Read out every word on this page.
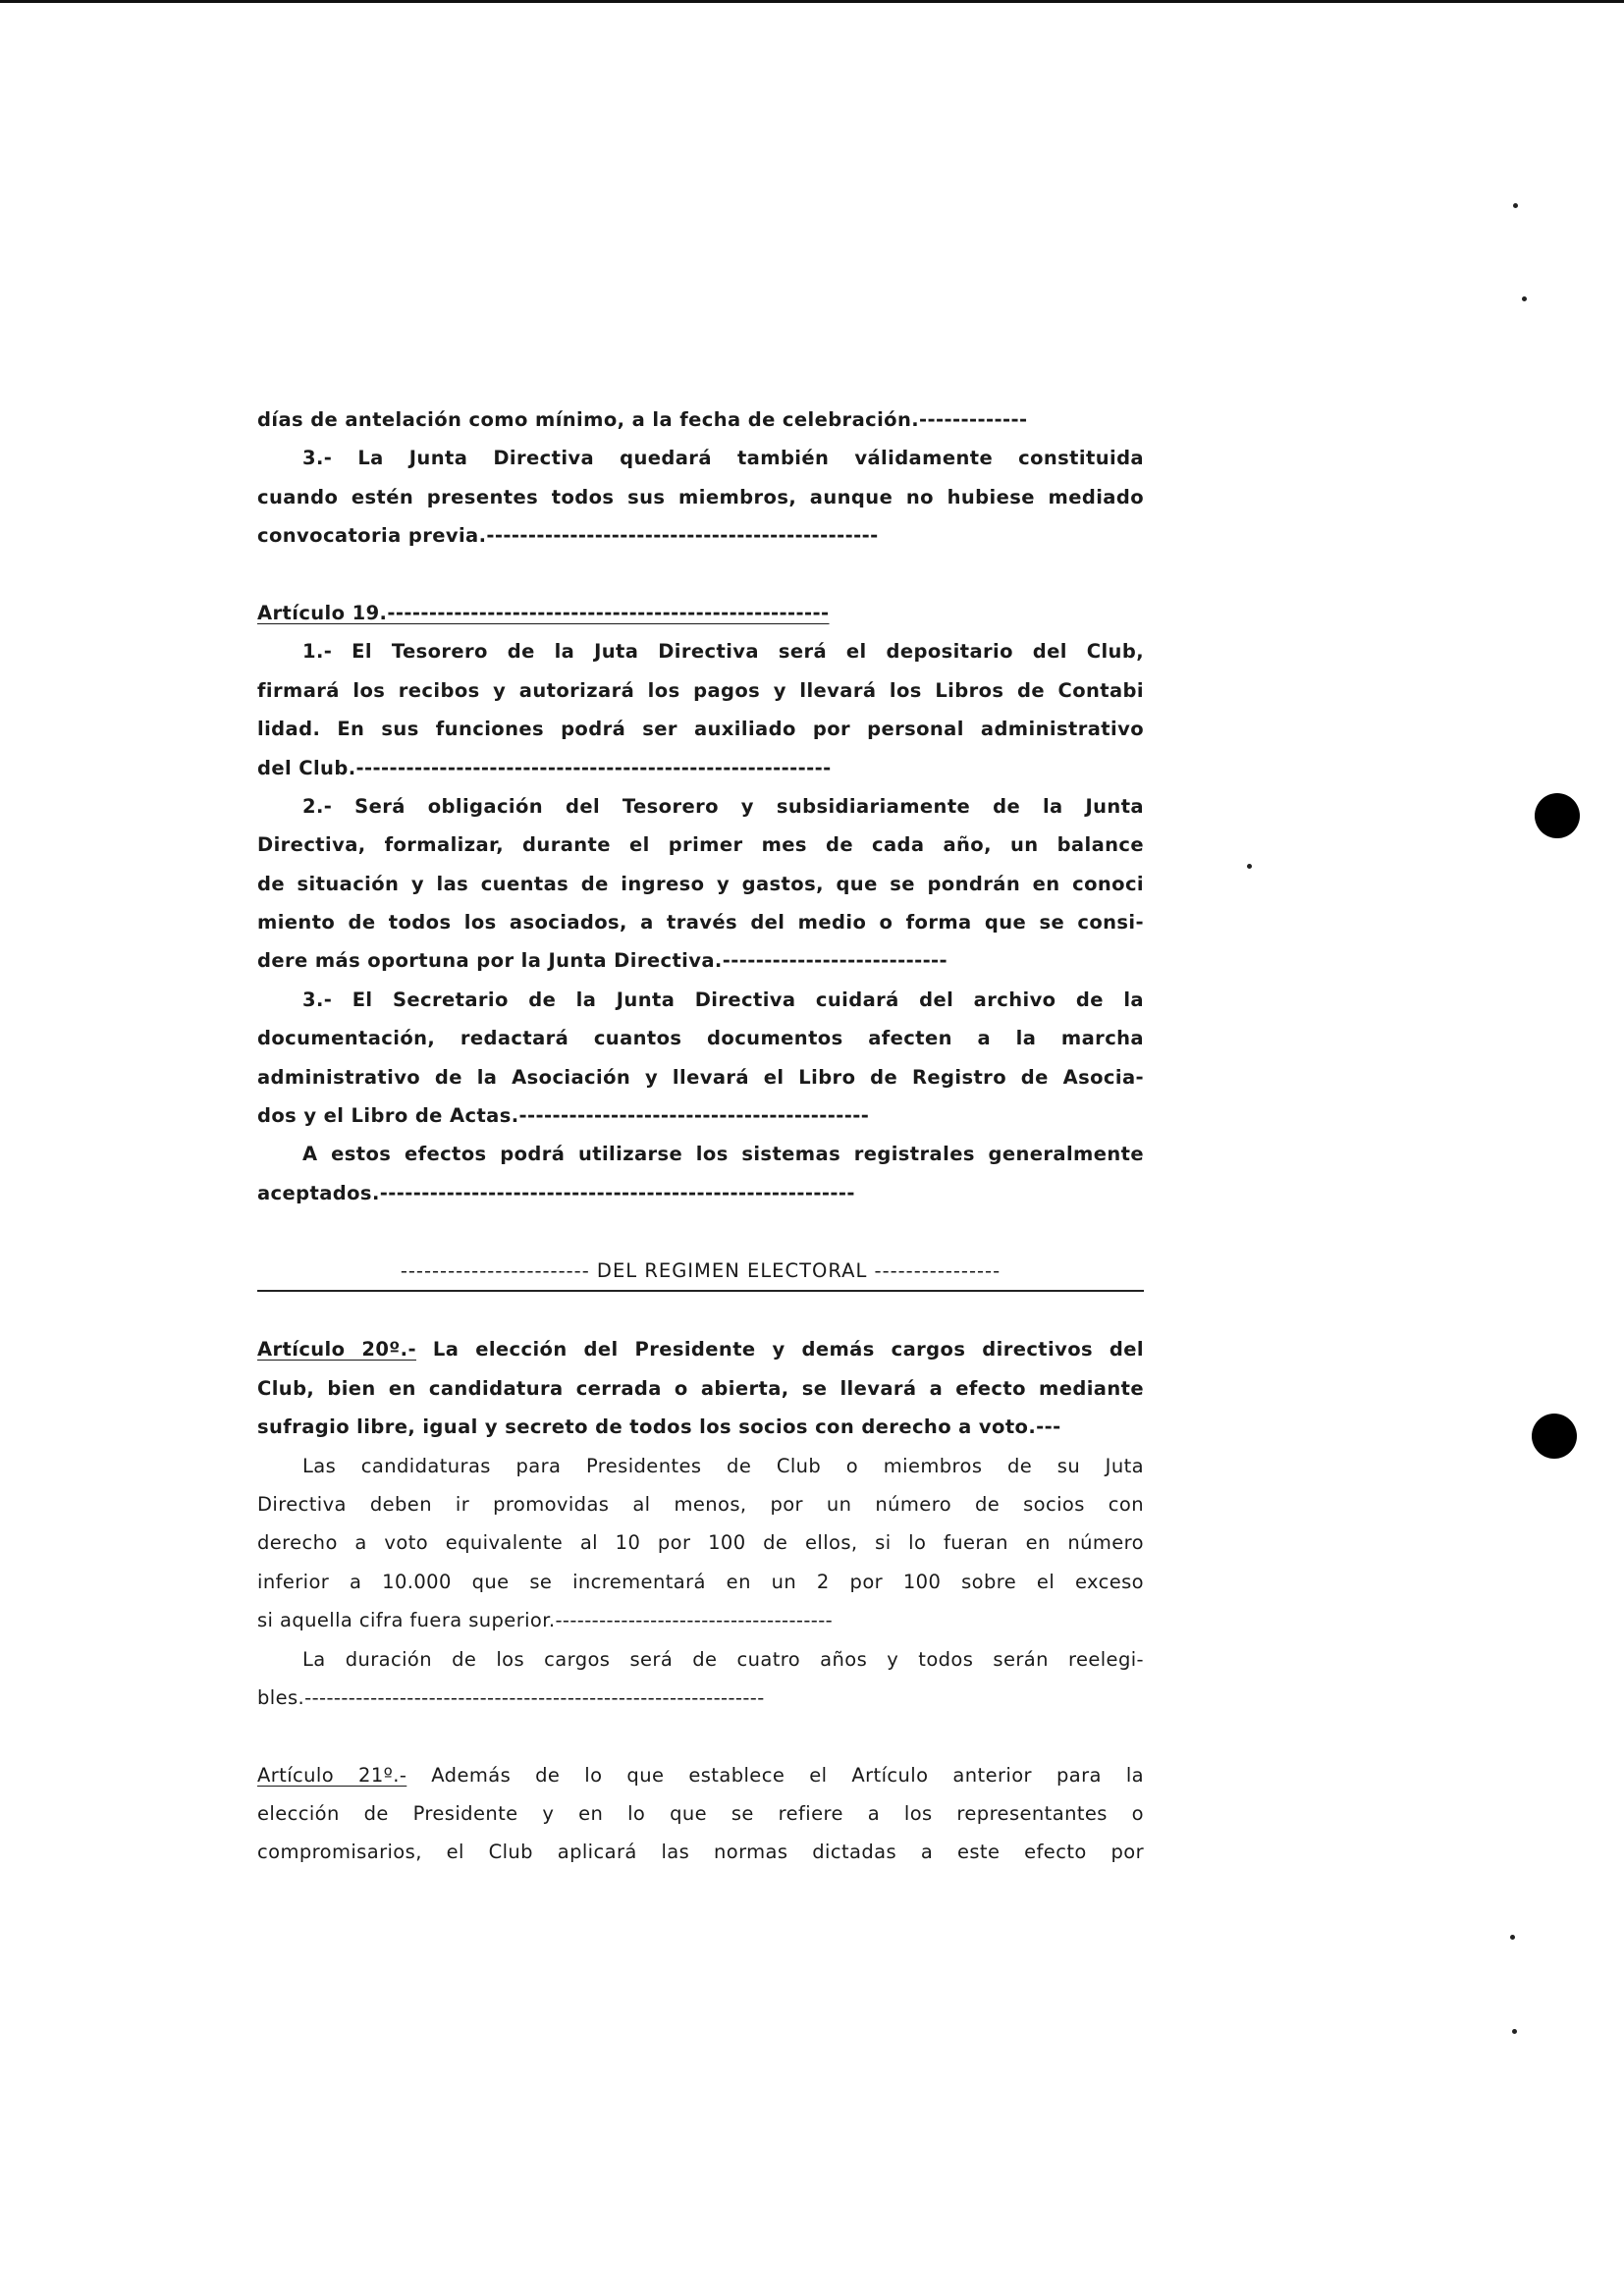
días de antelación como mínimo, a la fecha de celebración.-------------

3.- La Junta Directiva quedará también válidamente constituida

cuando estén presentes todos sus miembros, aunque no hubiese mediado

convocatoria previa.-----------------------------------------------

Artículo 19.-----------------------------------------------------

1.- El Tesorero de la Juta Directiva será el depositario del Club,

firmará los recibos y autorizará los pagos y llevará los Libros de Contabi

lidad. En sus funciones podrá ser auxiliado por personal administrativo

del Club.---------------------------------------------------------

2.- Será obligación del Tesorero y subsidiariamente de la Junta

Directiva, formalizar, durante el primer mes de cada año, un balance

de situación y las cuentas de ingreso y gastos, que se pondrán en conoci

miento de todos los asociados, a través del medio o forma que se consi-

dere más oportuna por la Junta Directiva.---------------------------

3.- El Secretario de la Junta Directiva cuidará del archivo de la

documentación, redactará cuantos documentos afecten a la marcha

administrativo de la Asociación y llevará el Libro de Registro de Asocia-

dos y el Libro de Actas.------------------------------------------

A estos efectos podrá utilizarse los sistemas registrales generalmente

aceptados.---------------------------------------------------------

------------------------ DEL REGIMEN ELECTORAL ----------------

Artículo 20º.- La elección del Presidente y demás cargos directivos del

Club, bien en candidatura cerrada o abierta, se llevará a efecto mediante

sufragio libre, igual y secreto de todos los socios con derecho a voto.---

Las candidaturas para Presidentes de Club o miembros de su Juta

Directiva deben ir promovidas al menos, por un número de socios con

derecho a voto equivalente al 10 por 100 de ellos, si lo fueran en número

inferior a 10.000 que se incrementará en un 2 por 100 sobre el exceso

si aquella cifra fuera superior.--------------------------------------

La duración de los cargos será de cuatro años y todos serán reelegi-

bles.---------------------------------------------------------------

Artículo 21º.- Además de lo que establece el Artículo anterior para la

elección de Presidente y en lo que se refiere a los representantes o

compromisarios, el Club aplicará las normas dictadas a este efecto por
